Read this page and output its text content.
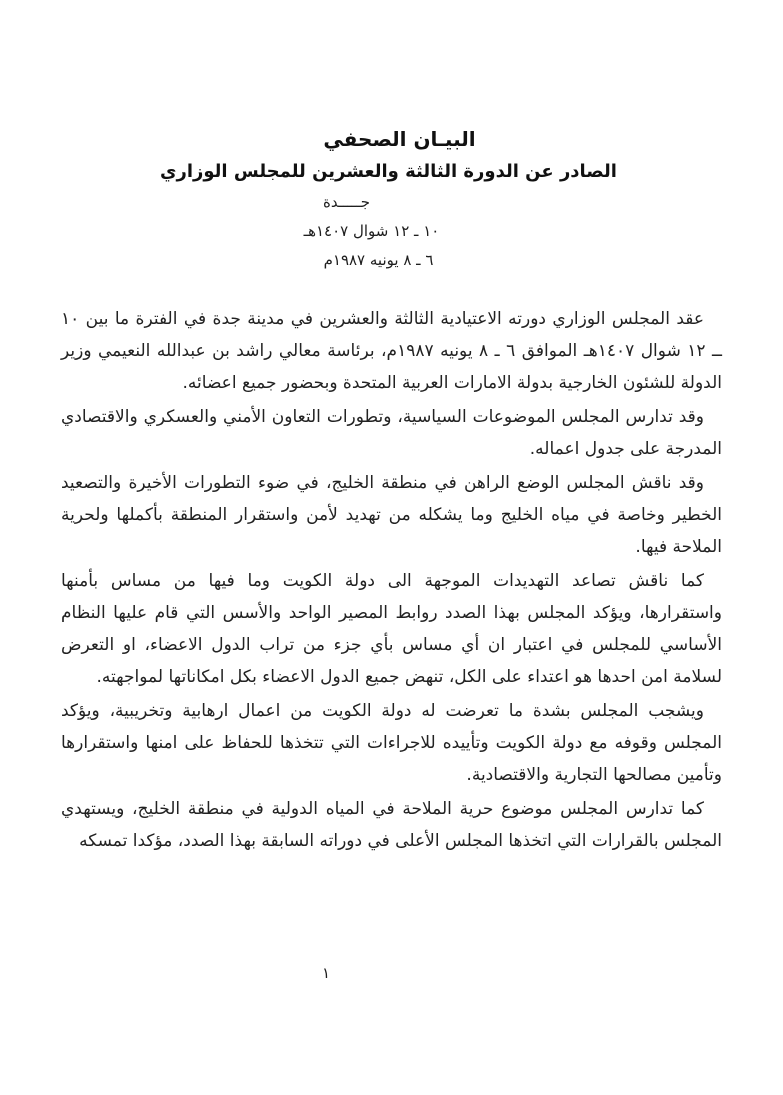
البيـان الصحفي
الصادر عن الدورة الثالثة والعشرين للمجلس الوزاري
جـــــدة
١٠ ـ ١٢ شوال ١٤٠٧هـ
٦ ـ ٨ يونيه ١٩٨٧م

عقد المجلس الوزاري دورته الاعتيادية الثالثة والعشرين في مدينة جدة في الفترة ما بين ١٠ ــ ١٢ شوال ١٤٠٧هـ الموافق ٦ ـ ٨ يونيه ١٩٨٧م، برئاسة معالي راشد بن عبدالله النعيمي وزير الدولة للشئون الخارجية بدولة الامارات العربية المتحدة وبحضور جميع اعضائه.

وقد تدارس المجلس الموضوعات السياسية، وتطورات التعاون الأمني والعسكري والاقتصادي المدرجة على جدول اعماله.

وقد ناقش المجلس الوضع الراهن في منطقة الخليج، في ضوء التطورات الأخيرة والتصعيد الخطير وخاصة في مياه الخليج وما يشكله من تهديد لأمن واستقرار المنطقة بأكملها ولحرية الملاحة فيها.

كما ناقش تصاعد التهديدات الموجهة الى دولة الكويت وما فيها من مساس بأمنها واستقرارها، ويؤكد المجلس بهذا الصدد روابط المصير الواحد والأسس التي قام عليها النظام الأساسي للمجلس في اعتبار ان أي مساس بأي جزء من تراب الدول الاعضاء، او التعرض لسلامة امن احدها هو اعتداء على الكل، تنهض جميع الدول الاعضاء بكل امكاناتها لمواجهته.

ويشجب المجلس بشدة ما تعرضت له دولة الكويت من اعمال ارهابية وتخريبية، ويؤكد المجلس وقوفه مع دولة الكويت وتأييده للاجراءات التي تتخذها للحفاظ على امنها واستقرارها وتأمين مصالحها التجارية والاقتصادية.

كما تدارس المجلس موضوع حرية الملاحة في المياه الدولية في منطقة الخليج، ويستهدي المجلس بالقرارات التي اتخذها المجلس الأعلى في دوراته السابقة بهذا الصدد، مؤكدا تمسكه

١
